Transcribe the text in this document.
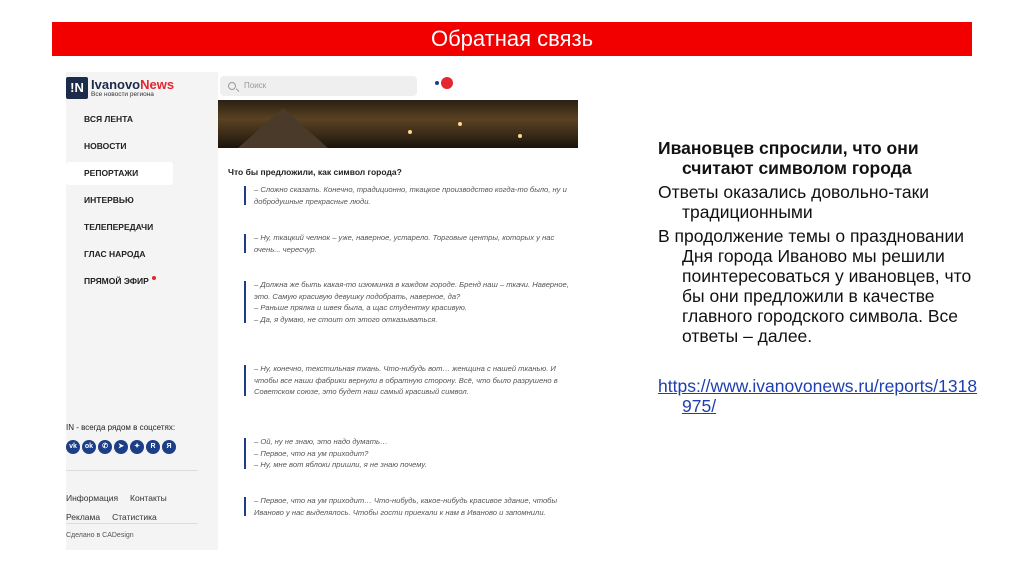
Обратная связь
!N IvanovoNews
Все новости региона
ВСЯ ЛЕНТА
НОВОСТИ
РЕПОРТАЖИ
ИНТЕРВЬЮ
ТЕЛЕПЕРЕДАЧИ
ГЛАС НАРОДА
ПРЯМОЙ ЭФИР
IN - всегда рядом в соцсетях:
vk	ok	✆	➤	✦	R	Я
Информация Контакты
Реклама Статистика
Сделано в CADesign
Поиск
Что бы предложили, как символ города?
– Сложно сказать. Конечно, традиционно, ткацкое производство когда-то было, ну и добродушные прекрасные люди.
– Ну, ткацкий челнок – уже, наверное, устарело. Торговые центры, которых у нас очень... чересчур.
– Должна же быть какая-то изюминка в каждом городе. Бренд наш – ткачи. Наверное, это. Самую красивую девушку подобрать, наверное, да?
– Раньше прялка и швея была, а щас студентку красивую.
– Да, я думаю, не стоит от этого отказываться.
– Ну, конечно, текстильная ткань. Что-нибудь вот… женщина с нашей тканью. И чтобы все наши фабрики вернули в обратную сторону. Всё, что было разрушено в Советском союзе, это будет наш самый красивый символ.
– Ой, ну не знаю, это надо думать…
– Первое, что на ум приходит?
– Ну, мне вот яблоки пришли, я не знаю почему.
– Первое, что на ум приходит… Что-нибудь, какое-нибудь красивое здание, чтобы Иваново у нас выделялось. Чтобы гости приехали к нам в Иваново и запомнили.
Ивановцев спросили, что они считают символом города
Ответы оказались довольно-таки традиционными
В продолжение темы о праздновании Дня города Иваново мы решили поинтересоваться у ивановцев, что бы они предложили в качестве главного городского символа. Все ответы – далее.
https://www.ivanovonews.ru/reports/1318975/
